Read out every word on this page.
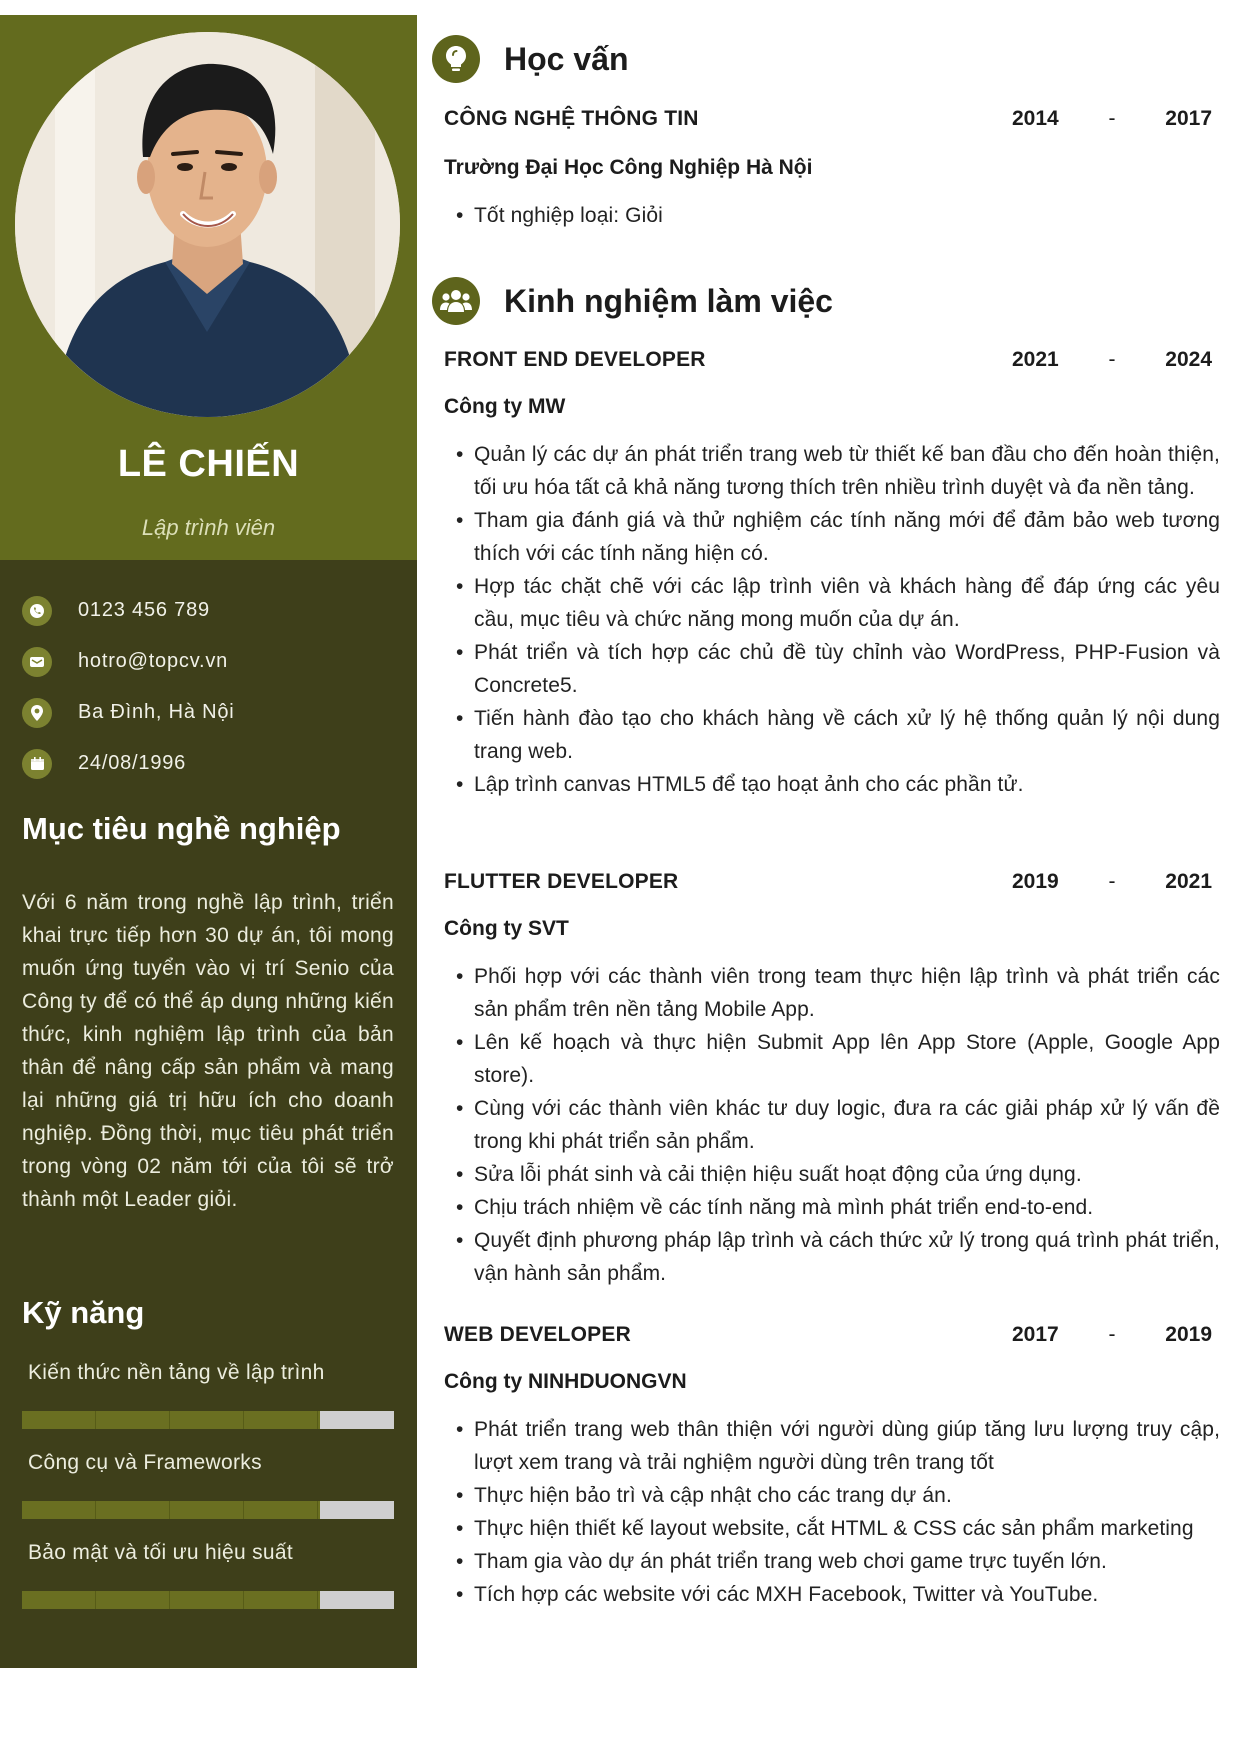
LÊ CHIẾN
Lập trình viên
0123 456 789
hotro@topcv.vn
Ba Đình, Hà Nội
24/08/1996
Mục tiêu nghề nghiệp
Với 6 năm trong nghề lập trình, triển khai trực tiếp hơn 30 dự án, tôi mong muốn ứng tuyển vào vị trí Senio của Công ty để có thể áp dụng những kiến thức, kinh nghiệm lập trình của bản thân để nâng cấp sản phẩm và mang lại những giá trị hữu ích cho doanh nghiệp. Đồng thời, mục tiêu phát triển trong vòng 02 năm tới của tôi sẽ trở thành một Leader giỏi.
Kỹ năng
Kiến thức nền tảng về lập trình
Công cụ và Frameworks
Bảo mật và tối ưu hiệu suất
Học vấn
CÔNG NGHỆ THÔNG TIN	2014 - 2017
Trường Đại Học Công Nghiệp Hà Nội
• Tốt nghiệp loại: Giỏi
Kinh nghiệm làm việc
FRONT END DEVELOPER	2021 - 2024
Công ty MW
• Quản lý các dự án phát triển trang web từ thiết kế ban đầu cho đến hoàn thiện, tối ưu hóa tất cả khả năng tương thích trên nhiều trình duyệt và đa nền tảng.
• Tham gia đánh giá và thử nghiệm các tính năng mới để đảm bảo web tương thích với các tính năng hiện có.
• Hợp tác chặt chẽ với các lập trình viên và khách hàng để đáp ứng các yêu cầu, mục tiêu và chức năng mong muốn của dự án.
• Phát triển và tích hợp các chủ đề tùy chỉnh vào WordPress, PHP-Fusion và Concrete5.
• Tiến hành đào tạo cho khách hàng về cách xử lý hệ thống quản lý nội dung trang web.
• Lập trình canvas HTML5 để tạo hoạt ảnh cho các phần tử.
FLUTTER DEVELOPER	2019 - 2021
Công ty SVT
• Phối hợp với các thành viên trong team thực hiện lập trình và phát triển các sản phẩm trên nền tảng Mobile App.
• Lên kế hoạch và thực hiện Submit App lên App Store (Apple, Google App store).
• Cùng với các thành viên khác tư duy logic, đưa ra các giải pháp xử lý vấn đề trong khi phát triển sản phẩm.
• Sửa lỗi phát sinh và cải thiện hiệu suất hoạt động của ứng dụng.
• Chịu trách nhiệm về các tính năng mà mình phát triển end-to-end.
• Quyết định phương pháp lập trình và cách thức xử lý trong quá trình phát triển, vận hành sản phẩm.
WEB DEVELOPER	2017 - 2019
Công ty NINHDUONGVN
• Phát triển trang web thân thiện với người dùng giúp tăng lưu lượng truy cập, lượt xem trang và trải nghiệm người dùng trên trang tốt
• Thực hiện bảo trì và cập nhật cho các trang dự án.
• Thực hiện thiết kế layout website, cắt HTML & CSS các sản phẩm marketing
• Tham gia vào dự án phát triển trang web chơi game trực tuyến lớn.
• Tích hợp các website với các MXH Facebook, Twitter và YouTube.
